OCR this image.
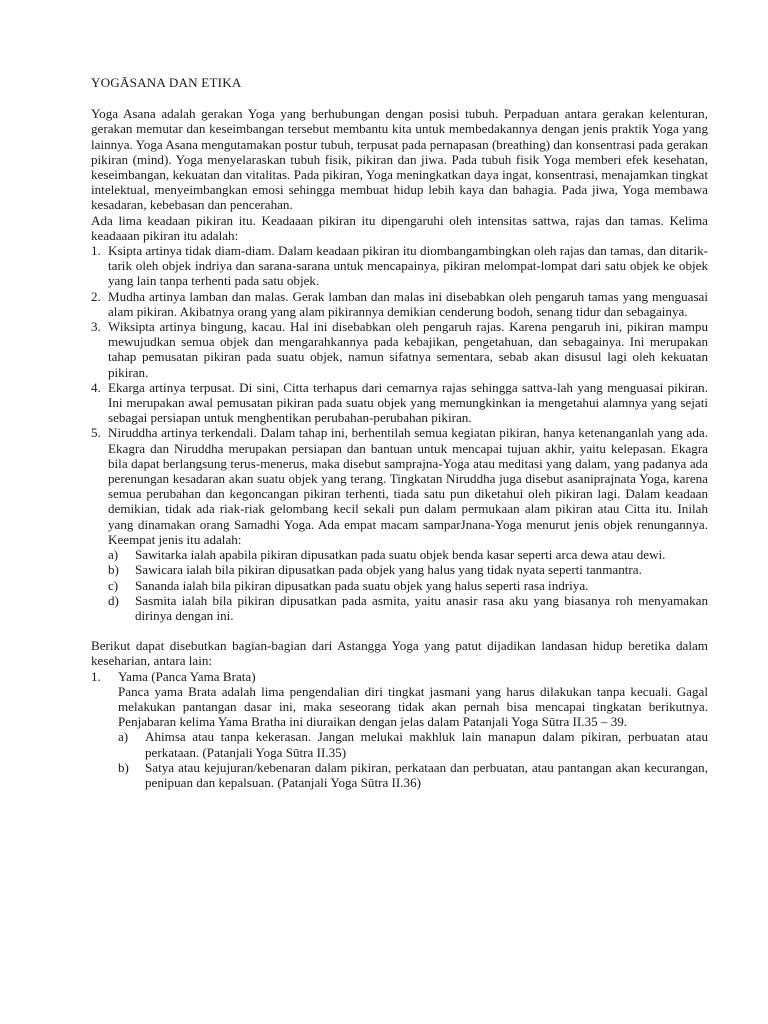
YOGĀSANA DAN ETIKA

Yoga Asana adalah gerakan Yoga yang berhubungan dengan posisi tubuh. Perpaduan antara gerakan kelenturan, gerakan memutar dan keseimbangan tersebut membantu kita untuk membedakannya dengan jenis praktik Yoga yang lainnya. Yoga Asana mengutamakan postur tubuh, terpusat pada pernapasan (breathing) dan konsentrasi pada gerakan pikiran (mind). Yoga menyelaraskan tubuh fisik, pikiran dan jiwa. Pada tubuh fisik Yoga memberi efek kesehatan, keseimbangan, kekuatan dan vitalitas. Pada pikiran, Yoga meningkatkan daya ingat, konsentrasi, menajamkan tingkat intelektual, menyeimbangkan emosi sehingga membuat hidup lebih kaya dan bahagia. Pada jiwa, Yoga membawa kesadaran, kebebasan dan pencerahan.

Ada lima keadaan pikiran itu. Keadaaan pikiran itu dipengaruhi oleh intensitas sattwa, rajas dan tamas. Kelima keadaaan pikiran itu adalah:

1. Ksipta artinya tidak diam-diam. Dalam keadaan pikiran itu diombangambingkan oleh rajas dan tamas, dan ditarik-tarik oleh objek indriya dan sarana-sarana untuk mencapainya, pikiran melompat-lompat dari satu objek ke objek yang lain tanpa terhenti pada satu objek.
2. Mudha artinya lamban dan malas. Gerak lamban dan malas ini disebabkan oleh pengaruh tamas yang menguasai alam pikiran. Akibatnya orang yang alam pikirannya demikian cenderung bodoh, senang tidur dan sebagainya.
3. Wiksipta artinya bingung, kacau. Hal ini disebabkan oleh pengaruh rajas. Karena pengaruh ini, pikiran mampu mewujudkan semua objek dan mengarahkannya pada kebajikan, pengetahuan, dan sebagainya. Ini merupakan tahap pemusatan pikiran pada suatu objek, namun sifatnya sementara, sebab akan disusul lagi oleh kekuatan pikiran.
4. Ekarga artinya terpusat. Di sini, Citta terhapus dari cemarnya rajas sehingga sattva-lah yang menguasai pikiran. Ini merupakan awal pemusatan pikiran pada suatu objek yang memungkinkan ia mengetahui alamnya yang sejati sebagai persiapan untuk menghentikan perubahan-perubahan pikiran.
5. Niruddha artinya terkendali. Dalam tahap ini, berhentilah semua kegiatan pikiran, hanya ketenanganlah yang ada. Ekagra dan Niruddha merupakan persiapan dan bantuan untuk mencapai tujuan akhir, yaitu kelepasan. Ekagra bila dapat berlangsung terus-menerus, maka disebut samprajna-Yoga atau meditasi yang dalam, yang padanya ada perenungan kesadaran akan suatu objek yang terang. Tingkatan Niruddha juga disebut asaniprajnata Yoga, karena semua perubahan dan kegoncangan pikiran terhenti, tiada satu pun diketahui oleh pikiran lagi. Dalam keadaan demikian, tidak ada riak-riak gelombang kecil sekali pun dalam permukaan alam pikiran atau Citta itu. Inilah yang dinamakan orang Samadhi Yoga. Ada empat macam samparJnana-Yoga menurut jenis objek renungannya. Keempat jenis itu adalah:
a) Sawitarka ialah apabila pikiran dipusatkan pada suatu objek benda kasar seperti arca dewa atau dewi.
b) Sawicara ialah bila pikiran dipusatkan pada objek yang halus yang tidak nyata seperti tanmantra.
c) Sananda ialah bila pikiran dipusatkan pada suatu objek yang halus seperti rasa indriya.
d) Sasmita ialah bila pikiran dipusatkan pada asmita, yaitu anasir rasa aku yang biasanya roh menyamakan dirinya dengan ini.

Berikut dapat disebutkan bagian-bagian dari Astangga Yoga yang patut dijadikan landasan hidup beretika dalam keseharian, antara lain:

1. Yama (Panca Yama Brata)
Panca yama Brata adalah lima pengendalian diri tingkat jasmani yang harus dilakukan tanpa kecuali. Gagal melakukan pantangan dasar ini, maka seseorang tidak akan pernah bisa mencapai tingkatan berikutnya. Penjabaran kelima Yama Bratha ini diuraikan dengan jelas dalam Patanjali Yoga Sūtra II.35 – 39.
a) Ahimsa atau tanpa kekerasan. Jangan melukai makhluk lain manapun dalam pikiran, perbuatan atau perkataan. (Patanjali Yoga Sūtra II.35)
b) Satya atau kejujuran/kebenaran dalam pikiran, perkataan dan perbuatan, atau pantangan akan kecurangan, penipuan dan kepalsuan. (Patanjali Yoga Sūtra II.36)
